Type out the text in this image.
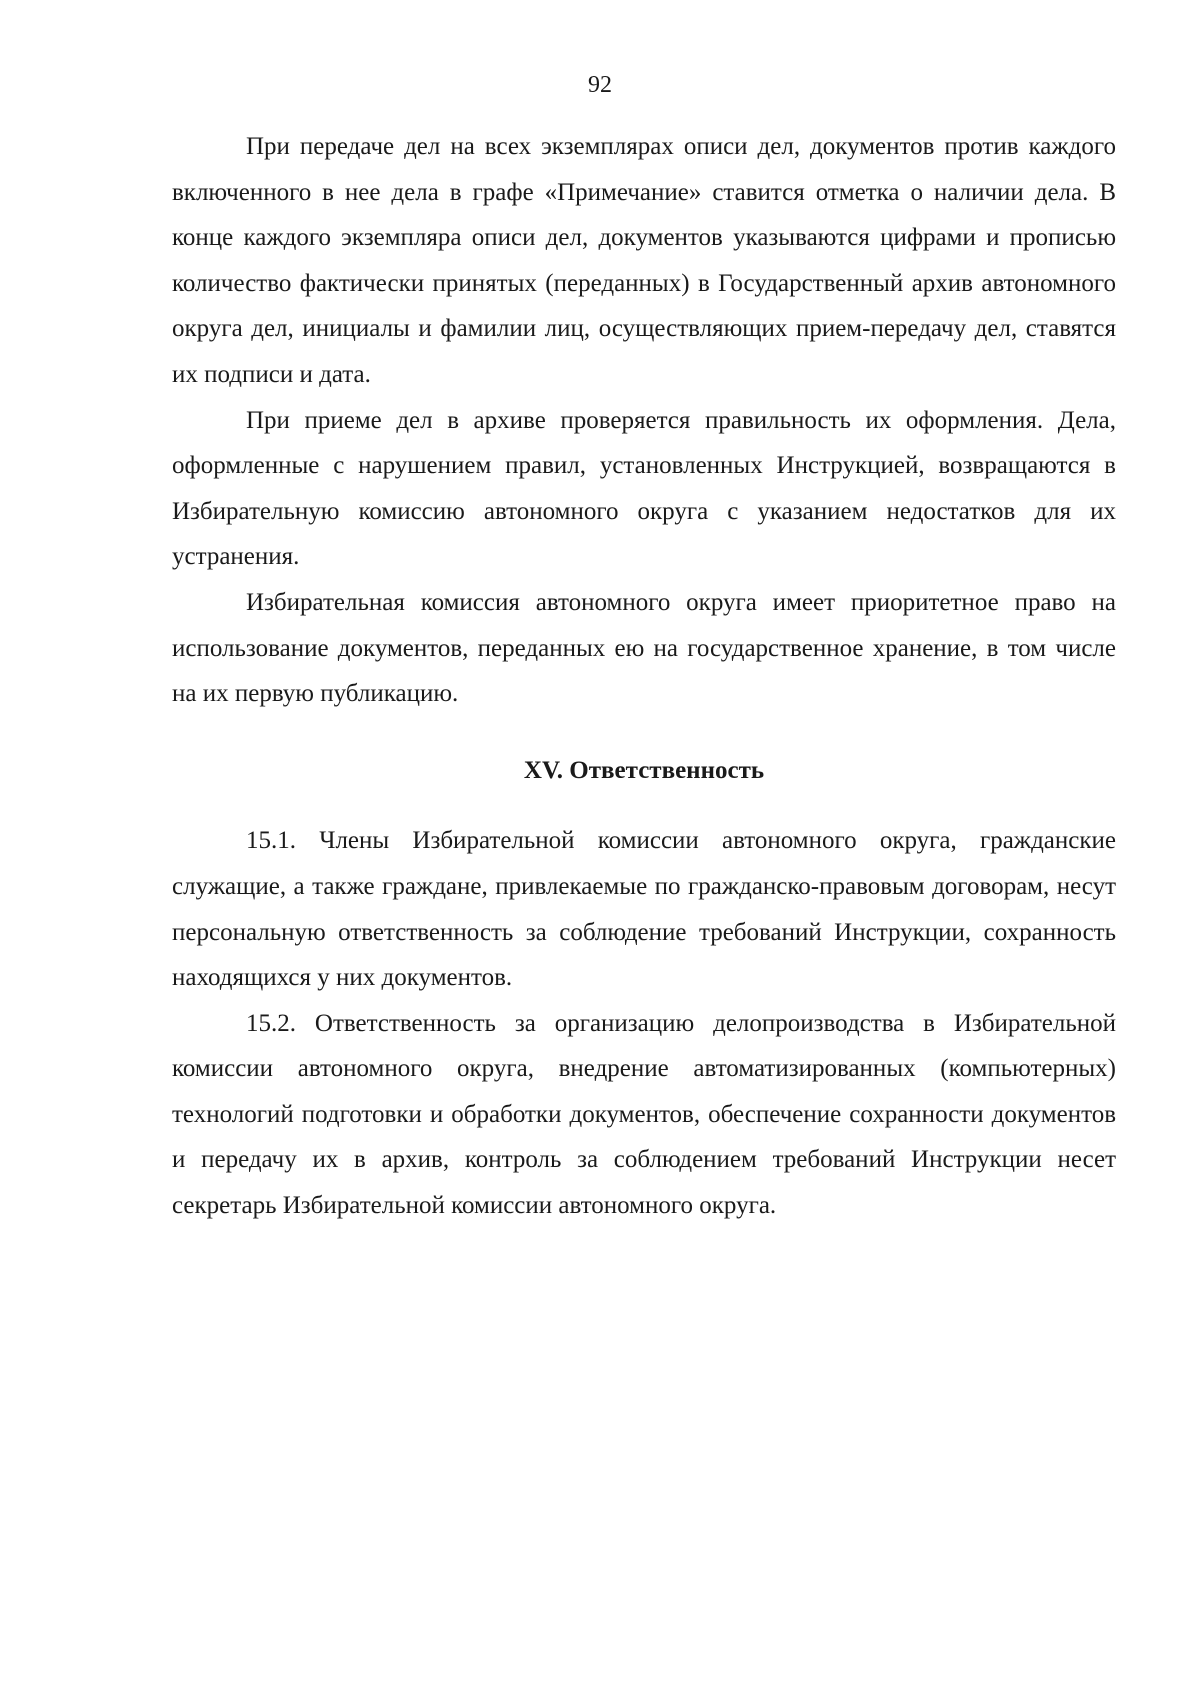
92

При передаче дел на всех экземплярах описи дел, документов против каждого включенного в нее дела в графе «Примечание» ставится отметка о наличии дела. В конце каждого экземпляра описи дел, документов указываются цифрами и прописью количество фактически принятых (переданных) в Государственный архив автономного округа дел, инициалы и фамилии лиц, осуществляющих прием-передачу дел, ставятся их подписи и дата.

При приеме дел в архиве проверяется правильность их оформления. Дела, оформленные с нарушением правил, установленных Инструкцией, возвращаются в Избирательную комиссию автономного округа с указанием недостатков для их устранения.

Избирательная комиссия автономного округа имеет приоритетное право на использование документов, переданных ею на государственное хранение, в том числе на их первую публикацию.

XV. Ответственность

15.1. Члены Избирательной комиссии автономного округа, гражданские служащие, а также граждане, привлекаемые по гражданско-правовым договорам, несут персональную ответственность за соблюдение требований Инструкции, сохранность находящихся у них документов.

15.2. Ответственность за организацию делопроизводства в Избирательной комиссии автономного округа, внедрение автоматизированных (компьютерных) технологий подготовки и обработки документов, обеспечение сохранности документов и передачу их в архив, контроль за соблюдением требований Инструкции несет секретарь Избирательной комиссии автономного округа.
